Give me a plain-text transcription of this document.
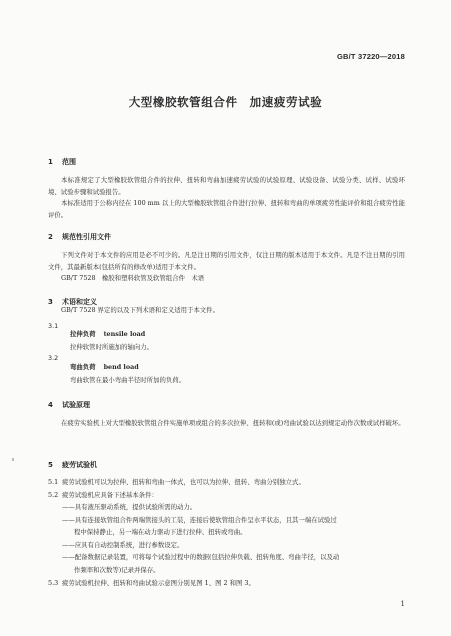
GB/T 37220—2018
大型橡胶软管组合件　加速疲劳试验
1 范围
本标准规定了大型橡胶软管组合件的拉伸、扭转和弯曲加速疲劳试验的试验原理、试验设备、试验分类、试样、试验环境、试验步骤和试验报告。
本标准适用于公称内径在 100 mm 以上的大型橡胶软管组合件进行拉伸、扭转和弯曲的单项疲劳性能评价和组合疲劳性能评价。
2 规范性引用文件
下列文件对于本文件的应用是必不可少的。凡是注日期的引用文件，仅注日期的版本适用于本文件。凡是不注日期的引用文件，其最新版本(包括所有的修改单)适用于本文件。
GB/T 7528　橡胶和塑料软管及软管组合件　术语
3 术语和定义
GB/T 7528 界定的以及下列术语和定义适用于本文件。
3.1
拉伸负荷 tensile load
拉伸软管时所施加的轴向力。
3.2
弯曲负荷 bend load
弯曲软管在最小弯曲半径时所加的负荷。
4 试验原理
在疲劳实验机上对大型橡胶软管组合件实施单项或组合的多次拉伸、扭转和(或)弯曲试验以达到规定动作次数或试样破坏。
5 疲劳试验机
5.1 疲劳试验机可以为拉伸、扭转和弯曲一体式，也可以为拉伸、扭转、弯曲分别独立式。
5.2 疲劳试验机应具备下述基本条件：
——具有液压驱动系统，提供试验所需的动力。
——具有连接软管组合件两端管接头的工装，连接后使软管组合件呈水平状态，且其一端在试验过
程中保持静止，另一端在动力驱动下进行拉伸、扭转或弯曲。
——应具有自动控制系统，进行参数设定。
——配备数据记录装置，可将每个试验过程中的数据(包括拉伸负载、扭转角度、弯曲半径，以及动
作频率和次数等)记录并保存。
5.3 疲劳试验机拉伸、扭转和弯曲试验示意图分别见图 1、图 2 和图 3。
1
